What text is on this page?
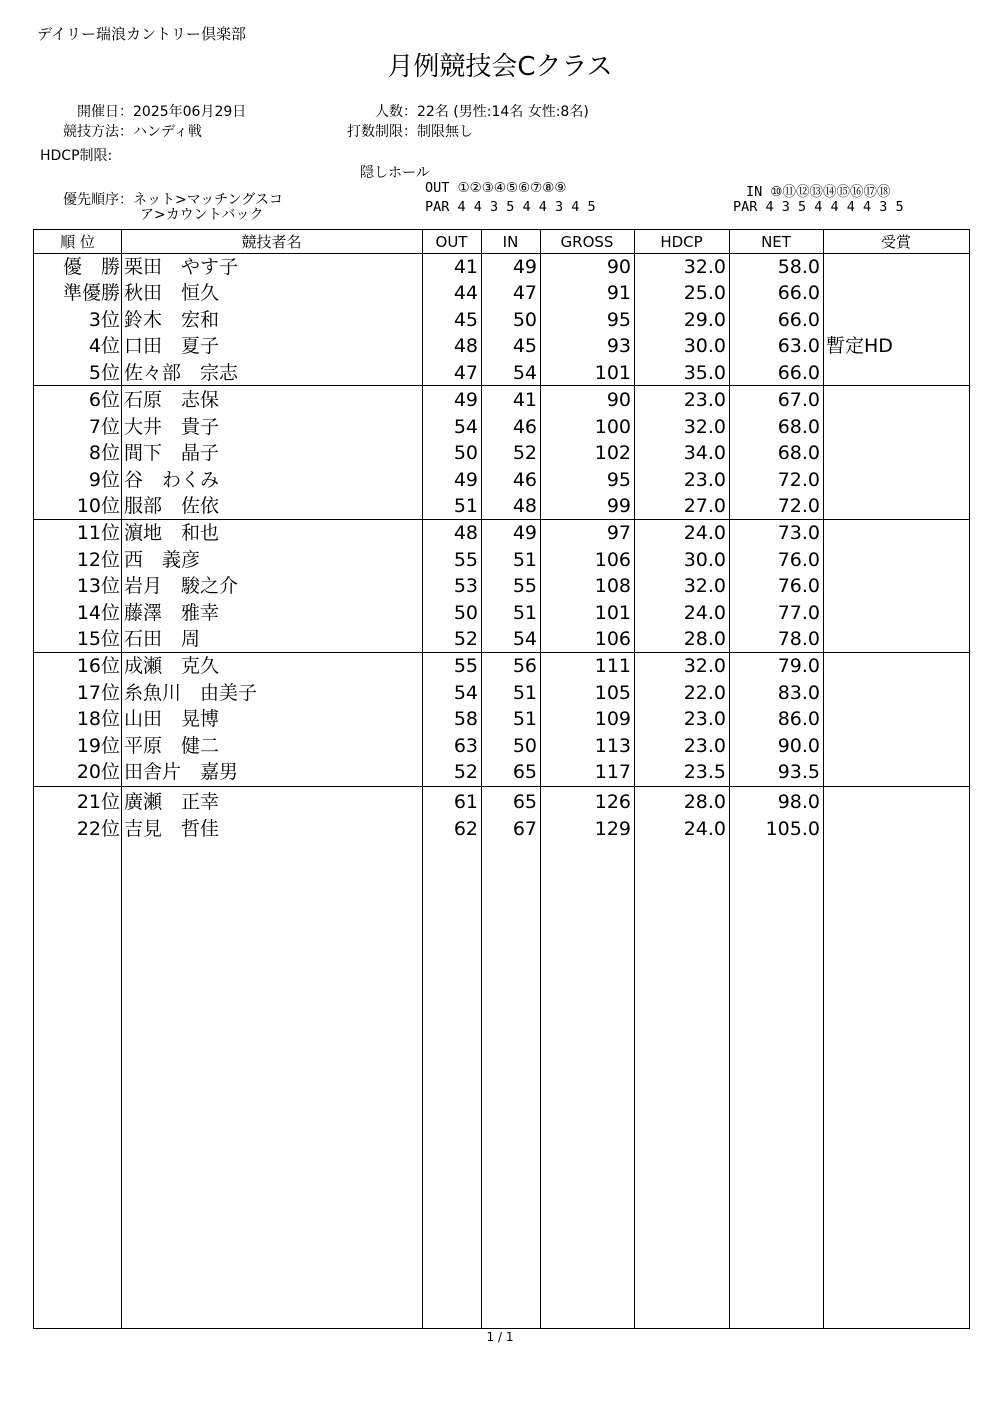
デイリー瑞浪カントリー倶楽部
月例競技会Cクラス
開催日：2025年06月29日
競技方法：ハンディ戦
HDCP制限:
人数：22名 (男性:14名 女性:8名)
打数制限：制限無し
優先順序：ネット>マッチングスコ
ア>カウントバック
隠しホール
OUT ①②③④⑤⑥⑦⑧⑨
PAR 4 4 3 5 4 4 3 4 5
IN ⑩⑪⑫⑬⑭⑮⑯⑰⑱
PAR 4 3 5 4 4 4 4 3 5
順 位	競技者名	OUT	IN	GROSS	HDCP	NET	受賞
優　勝 栗田　やす子	41	49	90	32.0	58.0
準優勝 秋田　恒久	44	47	91	25.0	66.0
3位 鈴木　宏和	45	50	95	29.0	66.0
4位 口田　夏子	48	45	93	30.0	63.0 暫定HD
5位 佐々部　宗志	47	54	101	35.0	66.0
6位 石原　志保	49	41	90	23.0	67.0
7位 大井　貴子	54	46	100	32.0	68.0
8位 間下　晶子	50	52	102	34.0	68.0
9位 谷　わくみ	49	46	95	23.0	72.0
10位 服部　佐依	51	48	99	27.0	72.0
11位 濵地　和也	48	49	97	24.0	73.0
12位 西　義彦	55	51	106	30.0	76.0
13位 岩月　駿之介	53	55	108	32.0	76.0
14位 藤澤　雅幸	50	51	101	24.0	77.0
15位 石田　周	52	54	106	28.0	78.0
16位 成瀬　克久	55	56	111	32.0	79.0
17位 糸魚川　由美子	54	51	105	22.0	83.0
18位 山田　晃博	58	51	109	23.0	86.0
19位 平原　健二	63	50	113	23.0	90.0
20位 田舎片　嘉男	52	65	117	23.5	93.5
21位 廣瀬　正幸	61	65	126	28.0	98.0
22位 吉見　哲佳	62	67	129	24.0	105.0
1 / 1
